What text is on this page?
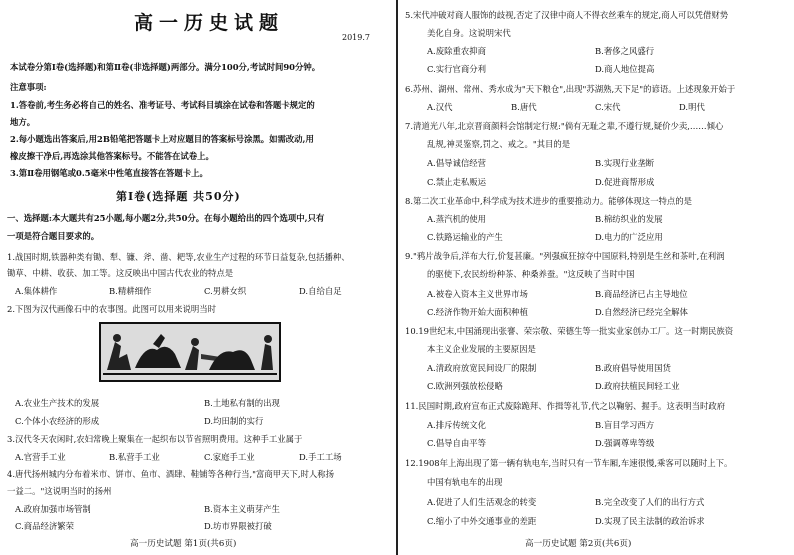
高一历史试题
2019.7
本试卷分第Ⅰ卷(选择题)和第Ⅱ卷(非选择题)两部分。满分100分,考试时间90分钟。
注意事项:
1.答卷前,考生务必将自己的姓名、准考证号、考试科目填涂在试卷和答题卡规定的
地方。
2.每小题选出答案后,用2B铅笔把答题卡上对应题目的答案标号涂黑。如需改动,用
橡皮擦干净后,再选涂其他答案标号。不能答在试卷上。
3.第Ⅱ卷用钢笔或0.5毫米中性笔直接答在答题卡上。
第Ⅰ卷(选择题 共50分)
一、选择题:本大题共有25小题,每小题2分,共50分。在每小题给出的四个选项中,只有
一项是符合题目要求的。
1.战国时期,铁器种类有锄、犁、镰、斧、凿、耙等,农业生产过程的环节日益复杂,包括播种、
锄草、中耕、收获、加工等。这反映出中国古代农业的特点是
A.集体耕作	B.精耕细作	C.男耕女织	D.自给自足
2.下图为汉代画像石中的农事图。此图可以用来说明当时
A.农业生产技术的发展	B.土地私有制的出现
C.个体小农经济的形成	D.均田制的实行
3.汉代冬天农闲时,农妇常晚上聚集在一起织布以节省照明费用。这种手工业属于
A.官营手工业	B.私营手工业	C.家庭手工业	D.手工工场
4.唐代扬州城内分布着米市、饼市、鱼市、酒肆、鞋铺等各种行当,"富商甲天下,时人称扬
一益二。"这说明当时的扬州
A.政府加强市场管制	B.资本主义萌芽产生
C.商品经济繁荣	D.坊市界限被打破
高一历史试题 第1页(共6页)
5.宋代冲破对商人服饰的歧视,否定了汉律中商人不得衣丝乘车的规定,商人可以凭借财势
美化自身。这说明宋代
A.废除重农抑商	B.奢侈之风盛行
C.实行官商分利	D.商人地位提高
6.苏州、湖州、常州、秀水成为"天下粮仓",出现"苏湖熟,天下足"的谚语。上述现象开始于
A.汉代	B.唐代	C.宋代	D.明代
7.清道光八年,北京晋商颜料会馆制定行规:"倘有无耻之辈,不遵行规,疑价少卖,……倾心
乱规,神灵鉴察,罚之、戒之。"其目的是
A.倡导诚信经营	B.实现行业垄断
C.禁止走私贩运	D.促进商帮形成
8.第二次工业革命中,科学成为技术进步的重要推动力。能够体现这一特点的是
A.蒸汽机的使用	B.棉纺织业的发展
C.铁路运输业的产生	D.电力的广泛应用
9."鸦片战争后,洋布大行,价复甚廉。"列强疯狂掠夺中国原料,特别是生丝和茶叶,在利润
的驱使下,农民纷纷种茶、种桑养蚕。"这反映了当时中国
A.被卷入资本主义世界市场	B.商品经济已占主导地位
C.经济作物开始大面积种植	D.自然经济已经完全解体
10.19世纪末,中国涌现出张謇、荣宗敬、荣德生等一批实业家创办工厂。这一时期民族资
本主义企业发展的主要原因是
A.清政府放宽民间设厂的限制	B.政府倡导使用国货
C.欧洲列强放松侵略	D.政府扶植民间轻工业
11.民国时期,政府宣布正式废除跪拜、作揖等礼节,代之以鞠躬、握手。这表明当时政府
A.排斥传统文化	B.盲目学习西方
C.倡导自由平等	D.强调尊卑等级
12.1908年上海出现了第一辆有轨电车,当时只有一节车厢,车速很慢,乘客可以随时上下。
中国有轨电车的出现
A.促进了人们生活观念的转变	B.完全改变了人们的出行方式
C.缩小了中外交通事业的差距	D.实现了民主法制的政治诉求
高一历史试题 第2页(共6页)
